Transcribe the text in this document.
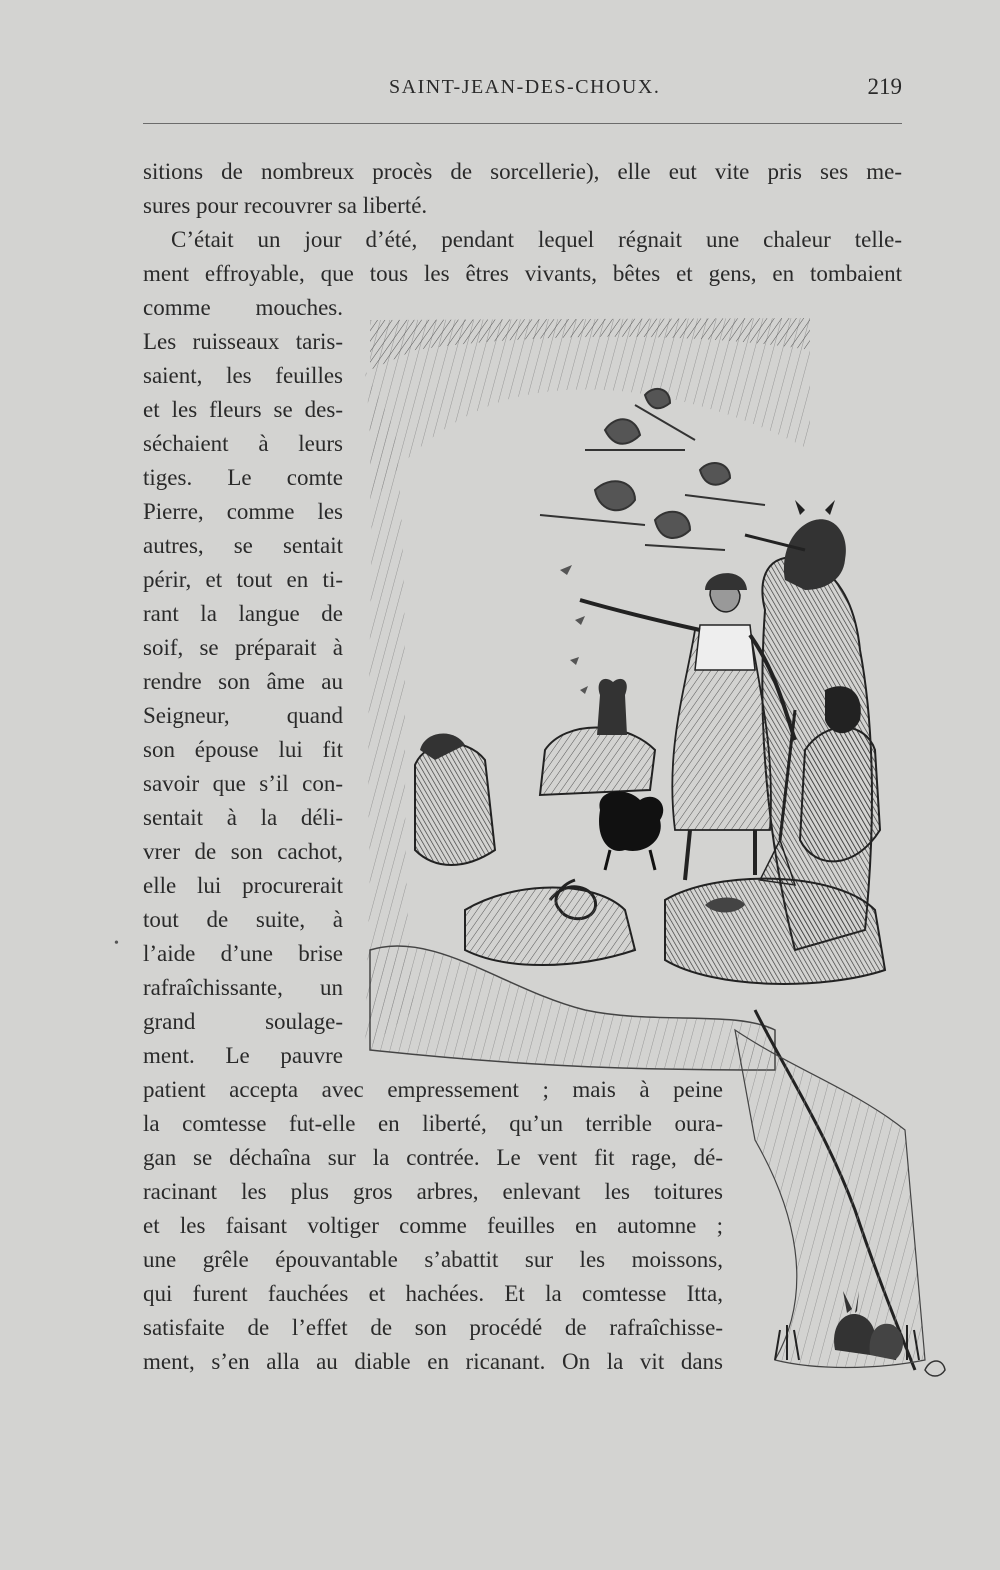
SAINT-JEAN-DES-CHOUX.	219
sitions de nombreux procès de sorcellerie), elle eut vite pris ses me-
sures pour recouvrer sa liberté.
C’était un jour d’été, pendant lequel régnait une chaleur telle-
ment effroyable, que tous les êtres vivants, bêtes et gens, en tombaient
comme mouches.
Les ruisseaux taris-
saient, les feuilles
et les fleurs se des-
séchaient à leurs
tiges. Le comte
Pierre, comme les
autres, se sentait
périr, et tout en ti-
rant la langue de
soif, se préparait à
rendre son âme au
Seigneur, quand
son épouse lui fit
savoir que s’il con-
sentait à la déli-
vrer de son cachot,
elle lui procurerait
tout de suite, à
l’aide d’une brise
rafraîchissante, un
grand soulage-
ment. Le pauvre
patient accepta avec empressement ; mais à peine
la comtesse fut-elle en liberté, qu’un terrible oura-
gan se déchaîna sur la contrée. Le vent fit rage, dé-
racinant les plus gros arbres, enlevant les toitures
et les faisant voltiger comme feuilles en automne ;
une grêle épouvantable s’abattit sur les moissons,
qui furent fauchées et hachées. Et la comtesse Itta,
satisfaite de l’effet de son procédé de rafraîchisse-
ment, s’en alla au diable en ricanant. On la vit dans
•
